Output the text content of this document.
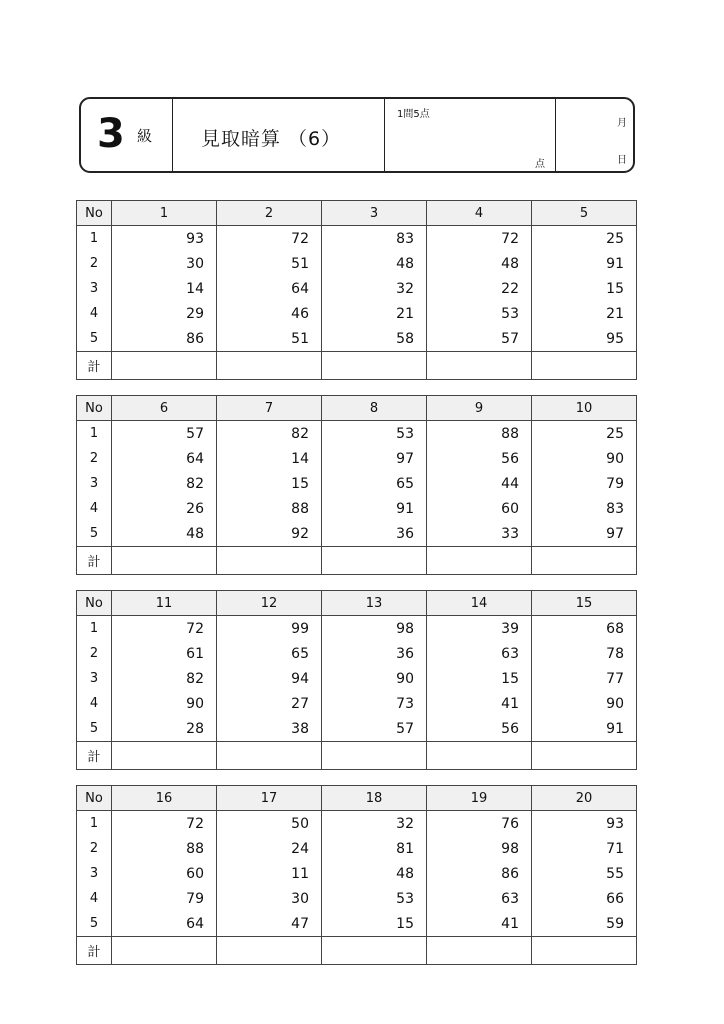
3 級	見取暗算 （6）
1間5点
点
月
日
No	1	2	3	4	5
1	93	72	83	72	25
2	30	51	48	48	91
3	14	64	32	22	15
4	29	46	21	53	21
5	86	51	58	57	95
計					
No	6	7	8	9	10
1	57	82	53	88	25
2	64	14	97	56	90
3	82	15	65	44	79
4	26	88	91	60	83
5	48	92	36	33	97
計					
No	11	12	13	14	15
1	72	99	98	39	68
2	61	65	36	63	78
3	82	94	90	15	77
4	90	27	73	41	90
5	28	38	57	56	91
計					
No	16	17	18	19	20
1	72	50	32	76	93
2	88	24	81	98	71
3	60	11	48	86	55
4	79	30	53	63	66
5	64	47	15	41	59
計					
